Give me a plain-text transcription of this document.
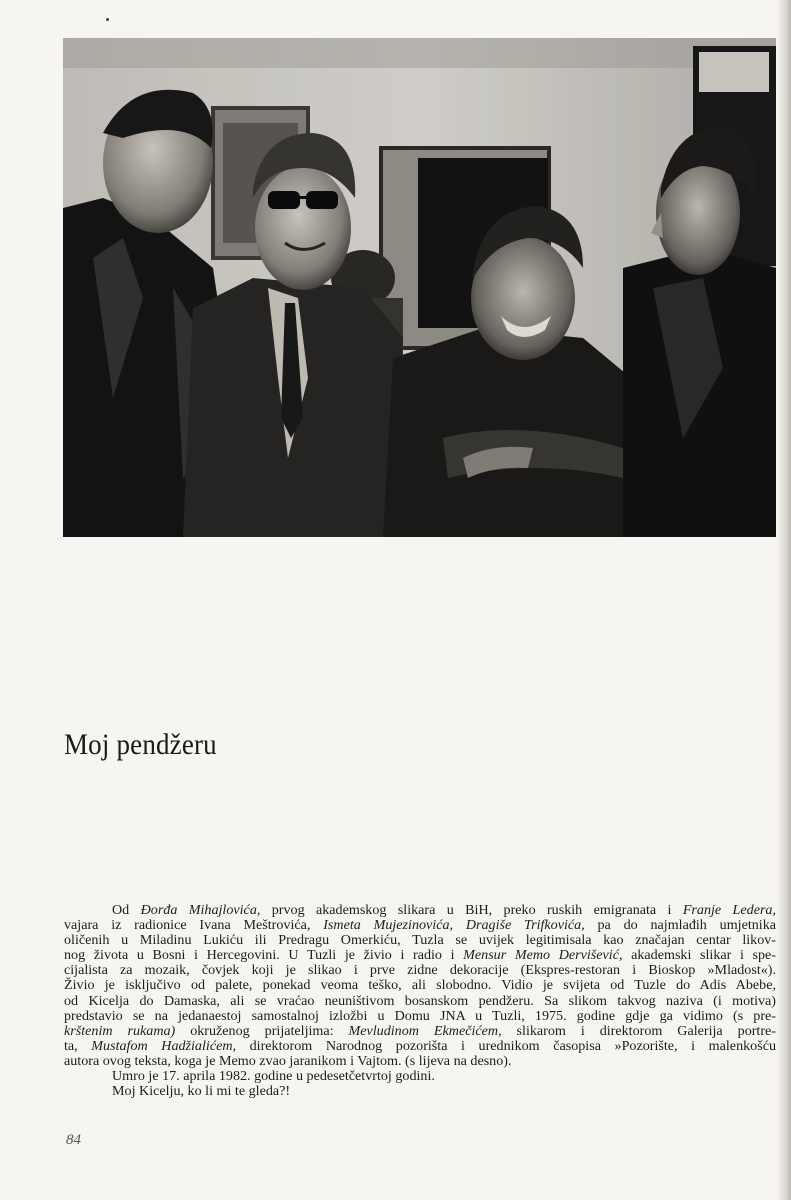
Moj pendžeru
Od Đorđa Mihajlovića, prvog akademskog slikara u BiH, preko ruskih emigranata i Franje Ledera,
vajara iz radionice Ivana Meštrovića, Ismeta Mujezinovića, Dragiše Trifkovića, pa do najmlađih umjetnika
oličenih u Miladinu Lukiću ili Predragu Omerkiću, Tuzla se uvijek legitimisala kao značajan centar likov-
nog života u Bosni i Hercegovini. U Tuzli je živio i radio i Mensur Memo Dervišević, akademski slikar i spe-
cijalista za mozaik, čovjek koji je slikao i prve zidne dekoracije (Ekspres-restoran i Bioskop »Mladost«).
Živio je isključivo od palete, ponekad veoma teško, ali slobodno. Vidio je svijeta od Tuzle do Adis Abebe,
od Kicelja do Damaska, ali se vraćao neuništivom bosanskom pendžeru. Sa slikom takvog naziva (i motiva)
predstavio se na jedanaestoj samostalnoj izložbi u Domu JNA u Tuzli, 1975. godine gdje ga vidimo (s pre-
krštenim rukama) okruženog prijateljima: Mevludinom Ekmečićem, slikarom i direktorom Galerija portre-
ta, Mustafom Hadžialićem, direktorom Narodnog pozorišta i urednikom časopisa »Pozorište, i malenkošću
autora ovog teksta, koga je Memo zvao jaranikom i Vajtom. (s lijeva na desno).
Umro je 17. aprila 1982. godine u pedesetčetvrtoj godini.
Moj Kicelju, ko li mi te gleda?!
84
